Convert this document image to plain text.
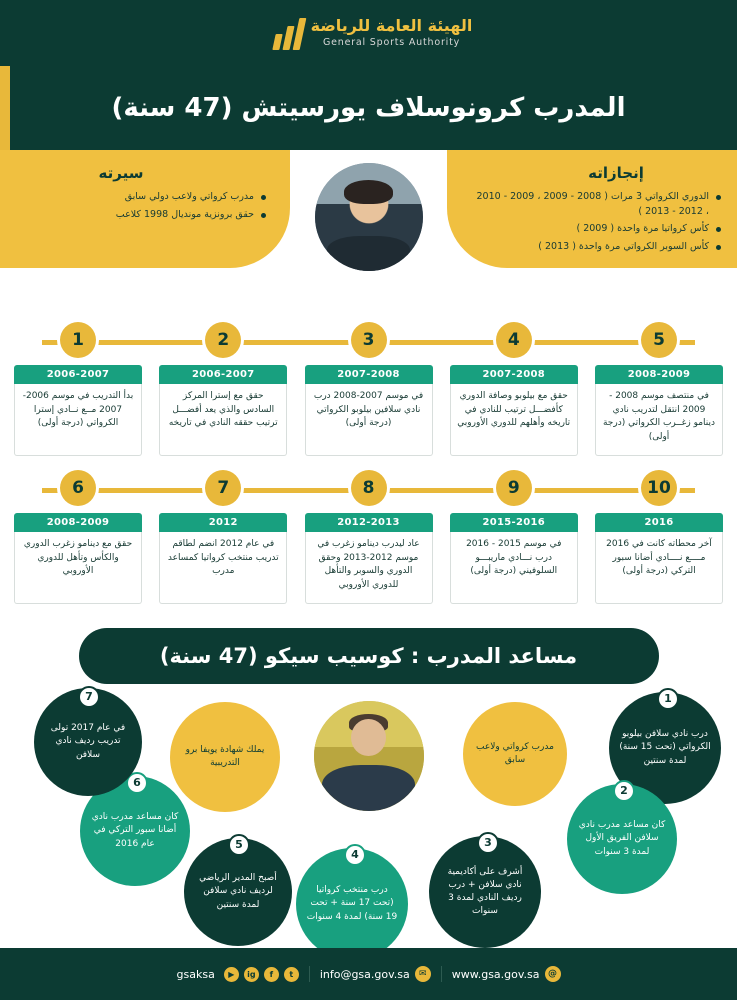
الهيئة العامة للرياضة
General Sports Authority
المدرب كرونوسلاف يورسيتش (47 سنة)
إنجازاته
الدوري الكرواتي 3 مرات ( 2008 - 2009 ، 2009 - 2010 ، 2012 - 2013 )
كأس كرواتيا مرة واحدة ( 2009 )
كأس السوبر الكرواتي مرة واحدة ( 2013 )
سيرته
مدرب كرواتي ولاعب دولي سابق
حقق برونزية مونديال 1998 كلاعب
5
2008-2009
في منتصف موسم 2008 - 2009 انتقل لتدريب نادي دينامو زغــرب الكرواتي (درجة أولى)
4
2007-2008
حقق مع بيلوبو وصافة الدوري كأفضـــل ترتيب للنادي في تاريخه وأهلهم للدوري الأوروبي
3
2007-2008
في موسم 2007-2008 درب نادي سلافين بيلوبو الكرواتي (درجة أولى)
2
2006-2007
حقق مع إسترا المركز السادس والذي يعد أفضـــل ترتيب حققه النادي في تاريخه
1
2006-2007
بدأ التدريب في موسم 2006-2007 مــع نــادي إسترا الكرواتي (درجة أولى)
10
2016
آخر محطاته كانت في 2016 مــــع نــــادي أضانا سبور التركي (درجة أولى)
9
2015-2016
في موسم 2015 - 2016 درب نـــادي ماريبـــو السلوفيني (درجة أولى)
8
2012-2013
عاد ليدرب دينامو زغرب في موسم 2012-2013 وحقق الدوري والسوبر والتأهل للدوري الأوروبي
7
2012
في عام 2012 انضم لطاقم تدريب منتخب كرواتيا كمساعد مدرب
6
2008-2009
حقق مع دينامو زغرب الدوري والكأس وتأهل للدوري الأوروبي
مساعد المدرب : كوسيب سيكو (47 سنة)
يملك شهادة يويفا برو التدريبية
مدرب كرواتي ولاعب سابق
1
درب نادي سلافن بيلوبو الكرواتي (تحت 15 سنة) لمدة سنتين
2
كان مساعد مدرب نادي سلافن الفريق الأول لمدة 3 سنوات
3
أشرف على أكاديمية نادي سلافن + درب رديف النادي لمدة 3 سنوات
4
درب منتخب كرواتيا (تحت 17 سنة + تحت 19 سنة) لمدة 4 سنوات
5
أصبح المدير الرياضي لرديف نادي سلافن لمدة سنتين
6
كان مساعد مدرب نادي أضانا سبور التركي في عام 2016
7
في عام 2017 تولى تدريب رديف نادي سلافن
@
www.gsa.gov.sa
✉
info@gsa.gov.sa
t
f
ig
▶
gsaksa
